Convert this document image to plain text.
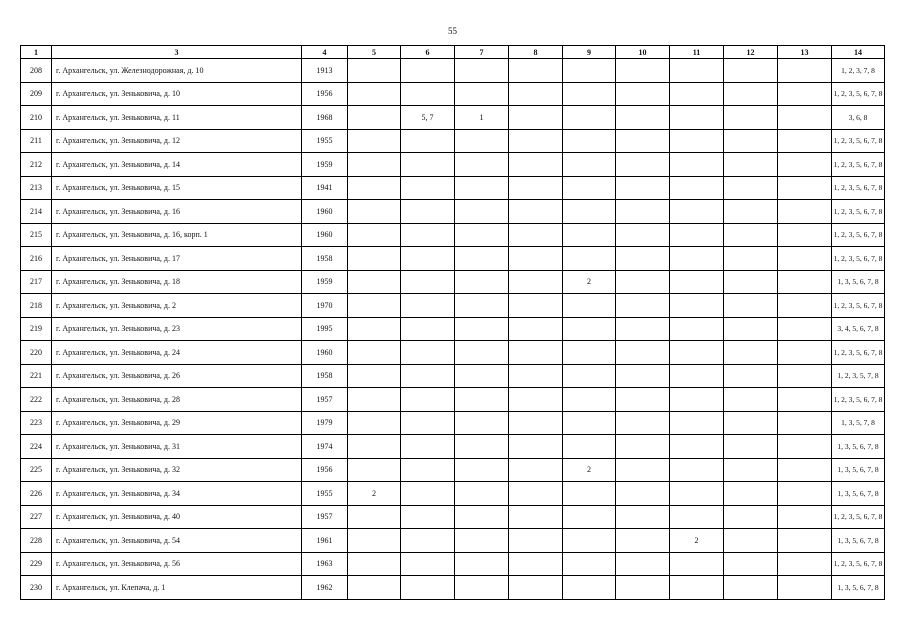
55
1	3	4	5	6	7	8	9	10	11	12	13	14
208	г. Архангельск, ул. Железнодорожная, д. 10	1913										1, 2, 3, 7, 8
209	г. Архангельск, ул. Зеньковича, д. 10	1956										1, 2, 3, 5, 6, 7, 8
210	г. Архангельск, ул. Зеньковича, д. 11	1968		5, 7	1							3, 6, 8
211	г. Архангельск, ул. Зеньковича, д. 12	1955										1, 2, 3, 5, 6, 7, 8
212	г. Архангельск, ул. Зеньковича, д. 14	1959										1, 2, 3, 5, 6, 7, 8
213	г. Архангельск, ул. Зеньковича, д. 15	1941										1, 2, 3, 5, 6, 7, 8
214	г. Архангельск, ул. Зеньковича, д. 16	1960										1, 2, 3, 5, 6, 7, 8
215	г. Архангельск, ул. Зеньковича, д. 16, корп. 1	1960										1, 2, 3, 5, 6, 7, 8
216	г. Архангельск, ул. Зеньковича, д. 17	1958										1, 2, 3, 5, 6, 7, 8
217	г. Архангельск, ул. Зеньковича, д. 18	1959					2					1, 3, 5, 6, 7, 8
218	г. Архангельск, ул. Зеньковича, д. 2	1970										1, 2, 3, 5, 6, 7, 8
219	г. Архангельск, ул. Зеньковича, д. 23	1995										3, 4, 5, 6, 7, 8
220	г. Архангельск, ул. Зеньковича, д. 24	1960										1, 2, 3, 5, 6, 7, 8
221	г. Архангельск, ул. Зеньковича, д. 26	1958										1, 2, 3, 5, 7, 8
222	г. Архангельск, ул. Зеньковича, д. 28	1957										1, 2, 3, 5, 6, 7, 8
223	г. Архангельск, ул. Зеньковича, д. 29	1979										1, 3, 5, 7, 8
224	г. Архангельск, ул. Зеньковича, д. 31	1974										1, 3, 5, 6, 7, 8
225	г. Архангельск, ул. Зеньковича, д. 32	1956					2					1, 3, 5, 6, 7, 8
226	г. Архангельск, ул. Зеньковича, д. 34	1955	2									1, 3, 5, 6, 7, 8
227	г. Архангельск, ул. Зеньковича, д. 40	1957										1, 2, 3, 5, 6, 7, 8
228	г. Архангельск, ул. Зеньковича, д. 54	1961							2			1, 3, 5, 6, 7, 8
229	г. Архангельск, ул. Зеньковича, д. 56	1963										1, 2, 3, 5, 6, 7, 8
230	г. Архангельск, ул. Клепача, д. 1	1962										1, 3, 5, 6, 7, 8
